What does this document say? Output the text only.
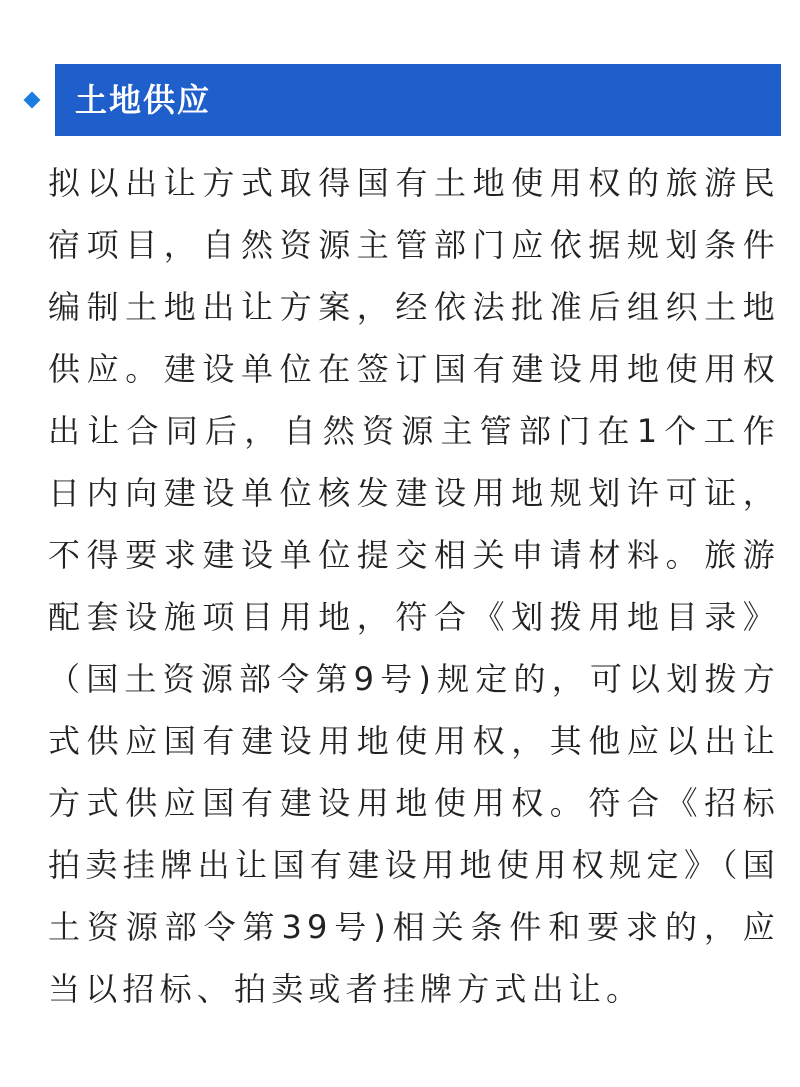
土地供应

拟以出让方式取得国有土地使用权的旅游民宿项目，自然资源主管部门应依据规划条件编制土地出让方案，经依法批准后组织土地供应。建设单位在签订国有建设用地使用权出让合同后，自然资源主管部门在1个工作日内向建设单位核发建设用地规划许可证，不得要求建设单位提交相关申请材料。旅游配套设施项目用地，符合《划拨用地目录》（国土资源部令第9号)规定的，可以划拨方式供应国有建设用地使用权，其他应以出让方式供应国有建设用地使用权。符合《招标拍卖挂牌出让国有建设用地使用权规定》（国土资源部令第39号)相关条件和要求的，应当以招标、拍卖或者挂牌方式出让。
